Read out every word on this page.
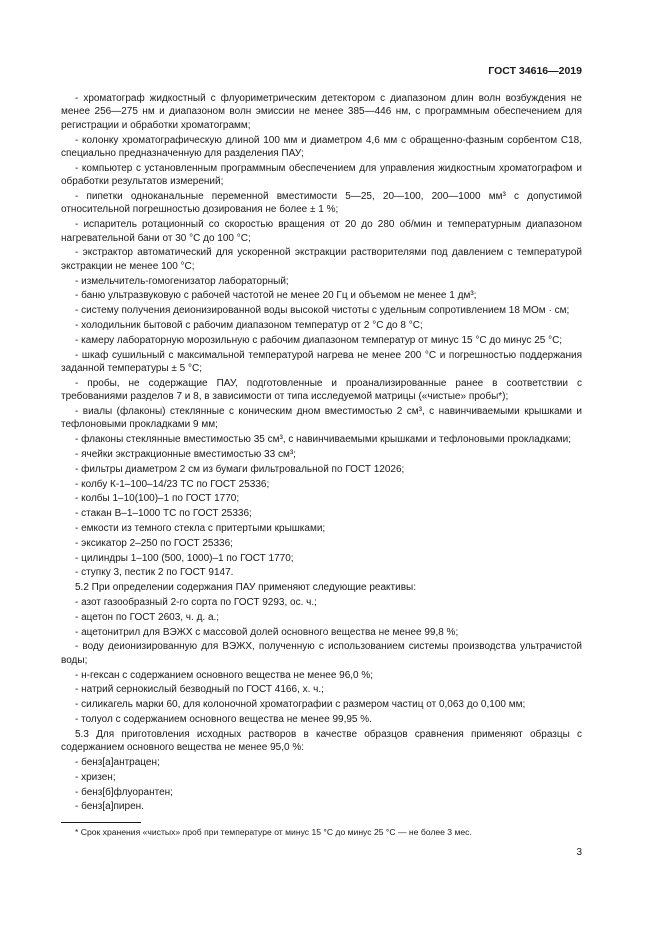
ГОСТ 34616—2019

- хроматограф жидкостный с флуориметрическим детектором с диапазоном длин волн возбуждения не менее 256—275 нм и диапазоном волн эмиссии не менее 385—446 нм, с программным обеспечением для регистрации и обработки хроматограмм;

- колонку хроматографическую длиной 100 мм и диаметром 4,6 мм с обращенно-фазным сорбентом С18, специально предназначенную для разделения ПАУ;

- компьютер с установленным программным обеспечением для управления жидкостным хроматографом и обработки результатов измерений;

- пипетки одноканальные переменной вместимости 5—25, 20—100, 200—1000 мм³ с допустимой относительной погрешностью дозирования не более ± 1 %;

- испаритель ротационный со скоростью вращения от 20 до 280 об/мин и температурным диапазоном нагревательной бани от 30 °С до 100 °С;

- экстрактор автоматический для ускоренной экстракции растворителями под давлением с температурой экстракции не менее 100 °С;

- измельчитель-гомогенизатор лабораторный;

- баню ультразвуковую с рабочей частотой не менее 20 Гц и объемом не менее 1 дм³;

- систему получения деионизированной воды высокой чистоты с удельным сопротивлением 18 МОм · см;

- холодильник бытовой с рабочим диапазоном температур от 2 °С до 8 °С;

- камеру лабораторную морозильную с рабочим диапазоном температур от минус 15 °С до минус 25 °С;

- шкаф сушильный с максимальной температурой нагрева не менее 200 °С и погрешностью поддержания заданной температуры ± 5 °С;

- пробы, не содержащие ПАУ, подготовленные и проанализированные ранее в соответствии с требованиями разделов 7 и 8, в зависимости от типа исследуемой матрицы («чистые» пробы*);

- виалы (флаконы) стеклянные с коническим дном вместимостью 2 см³, с навинчиваемыми крышками и тефлоновыми прокладками 9 мм;

- флаконы стеклянные вместимостью 35 см³, с навинчиваемыми крышками и тефлоновыми прокладками;

- ячейки экстракционные вместимостью 33 см³;

- фильтры диаметром 2 см из бумаги фильтровальной по ГОСТ 12026;

- колбу К-1–100–14/23 ТС по ГОСТ 25336;

- колбы 1–10(100)–1 по ГОСТ 1770;

- стакан В–1–1000 ТС по ГОСТ 25336;

- емкости из темного стекла с притертыми крышками;

- эксикатор 2–250 по ГОСТ 25336;

- цилиндры 1–100 (500, 1000)–1 по ГОСТ 1770;

- ступку 3, пестик 2 по ГОСТ 9147.

5.2 При определении содержания ПАУ применяют следующие реактивы:

- азот газообразный 2-го сорта по ГОСТ 9293, ос. ч.;

- ацетон по ГОСТ 2603, ч. д. а.;

- ацетонитрил для ВЭЖХ с массовой долей основного вещества не менее 99,8 %;

- воду деионизированную для ВЭЖХ, полученную с использованием системы производства ультрачистой воды;

- н-гексан с содержанием основного вещества не менее 96,0 %;

- натрий сернокислый безводный по ГОСТ 4166, х. ч.;

- силикагель марки 60, для колоночной хроматографии с размером частиц от 0,063 до 0,100 мм;

- толуол с содержанием основного вещества не менее 99,95 %.

5.3 Для приготовления исходных растворов в качестве образцов сравнения применяют образцы с содержанием основного вещества не менее 95,0 %:

- бенз[а]антрацен;

- хризен;

- бенз[б]флуорантен;

- бенз[а]пирен.

* Срок хранения «чистых» проб при температуре от минус 15 °С до минус 25 °С — не более 3 мес.
3
